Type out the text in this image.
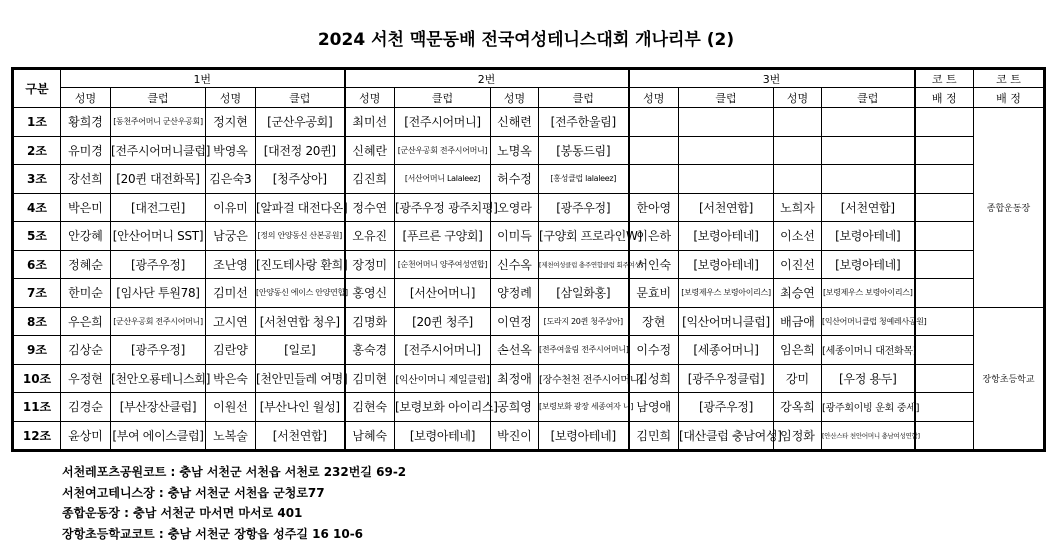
2024 서천 맥문동배 전국여성테니스대회 개나리부 (2)
구분	1번				2번				3번				코 트	코 트
	성명	클럽	성명	클럽	성명	클럽	성명	클럽	성명	클럽	성명	클럽	배 정	배 정
1조	황희경	[동천주어머니 군산우공회]	정지현	[군산우공회]	최미선	[전주시어머니]	신해련	[전주한울림]						종합운동장
2조	유미경	[전주시어머니클럽]	박영옥	[대전정 20퀸]	신혜란	[군산우공회 전주시어머니]	노명옥	[봉동드림]						
3조	장선희	[20퀸 대전화목]	김은숙3	[청주상아]	김진희	[서산어머니 Lalaleez]	허수정	[홍성클럽 lalaleez]						
4조	박은미	[대전그린]	이유미	[알파걸 대전다온]	정수연	[광주우정 광주치평]	오영라	[광주우정]	한아영	[서천연합]	노희자	[서천연합]		
5조	안강혜	[안산어머니 SST]	남궁은	[정의 안양동신 산본공원]	오유진	[푸르른 구양회]	이미득	[구양회 프로라인W]	이은하	[보령아테네]	이소선	[보령아테네]		
6조	정혜순	[광주우정]	조난영	[진도테사랑 환희]	장정미	[순천어머니 양주여성연합]	신수옥	[제천여성클럽 충주연합클럽 회주여성]	서인숙	[보령아테네]	이진선	[보령아테네]		
7조	한미순	[임사단 투원78]	김미선	[안양동신 에이스 안양연합]	홍영신	[서산어머니]	양정례	[삼일화홍]	문효비	[보령제우스 보령아이리스]	최승연	[보령제우스 보령아이리스]		
8조	우은희	[군산우공회 전주시어머니]	고시연	[서천연합 청우]	김명화	[20퀸 청주]	이연정	[도라지 20퀸 청주상아]	장현	[익산어머니클럽]	배금애	[익산어머니클럽 청예레사공원]		장항초등학교
9조	김상순	[광주우정]	김란양	[일로]	홍숙경	[전주시어머니]	손선옥	[전주여울림 전주시어머니]	이수정	[세종어머니]	임은희	[세종이머니 대전화목]		
10조	우정현	[천안오룡테니스회]	박은숙	[천안민들레 여명]	김미현	[익산이머니 제일클럽]	최정애	[장수천천 전주시어머니]	김성희	[광주우정클럽]	강미	[우정 용두]		
11조	김경순	[부산장산클럽]	이원선	[부산나인 월성]	김현숙	[보령보화 아이리스]	공희영	[보령보화 광장 세종여자 니]	남영애	[광주우정]	강옥희	[광주회이빙 운회 중세]		
12조	윤상미	[부여 에이스클럽]	노복술	[서천연합]	남혜숙	[보령아테네]	박진이	[보령아테네]	김민희	[대산클럽 충남여성]	임정화	[안산스타 천안어머니 충남여성연합]		
서천레포츠공원코트 : 충남 서천군 서천읍 서천로 232번길 69-2
서천여고테니스장 : 충남 서천군 서천읍 군청로77
종합운동장 : 충남 서천군 마서면 마서로 401
장항초등학교코트 : 충남 서천군 장항읍 성주길 16 10-6
